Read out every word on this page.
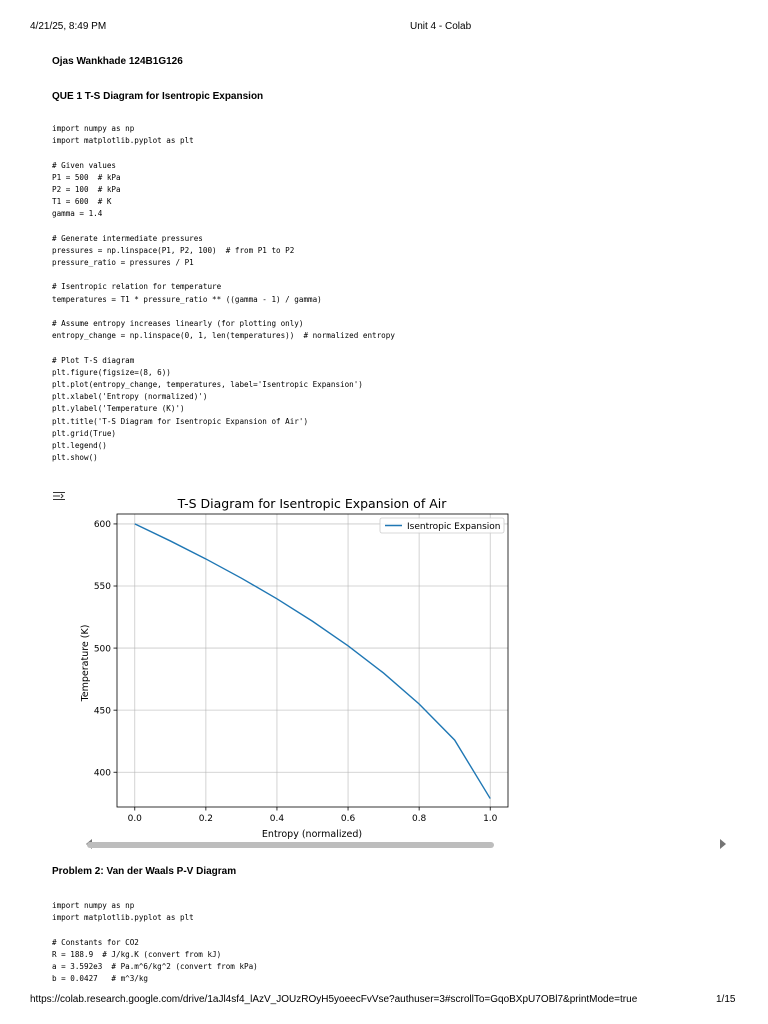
4/21/25, 8:49 PM	Unit 4 - Colab
Ojas Wankhade 124B1G126
QUE 1 T-S Diagram for Isentropic Expansion
import numpy as np
import matplotlib.pyplot as plt
# Given values
P1 = 500  # kPa
P2 = 100  # kPa
T1 = 600  # K
gamma = 1.4
# Generate intermediate pressures
pressures = np.linspace(P1, P2, 100)  # from P1 to P2
pressure_ratio = pressures / P1
# Isentropic relation for temperature
temperatures = T1 * pressure_ratio ** ((gamma - 1) / gamma)
# Assume entropy increases linearly (for plotting only)
entropy_change = np.linspace(0, 1, len(temperatures))  # normalized entropy
# Plot T-S diagram
plt.figure(figsize=(8, 6))
plt.plot(entropy_change, temperatures, label='Isentropic Expansion')
plt.xlabel('Entropy (normalized)')
plt.ylabel('Temperature (K)')
plt.title('T-S Diagram for Isentropic Expansion of Air')
plt.grid(True)
plt.legend()
plt.show()
T-S Diagram for Isentropic Expansion of Air
0.0	0.2	0.4	0.6	0.8	1.0
400
450
500
550
600	Isentropic Expansion
Entropy (normalized)
Temperature (K)
Problem 2: Van der Waals P-V Diagram
import numpy as np
import matplotlib.pyplot as plt
# Constants for CO2
R = 188.9  # J/kg.K (convert from kJ)
a = 3.592e3  # Pa.m^6/kg^2 (convert from kPa)
b = 0.0427   # m^3/kg
https://colab.research.google.com/drive/1aJl4sf4_lAzV_JOUzROyH5yoeecFvVse?authuser=3#scrollTo=GqoBXpU7OBl7&printMode=true	1/15
